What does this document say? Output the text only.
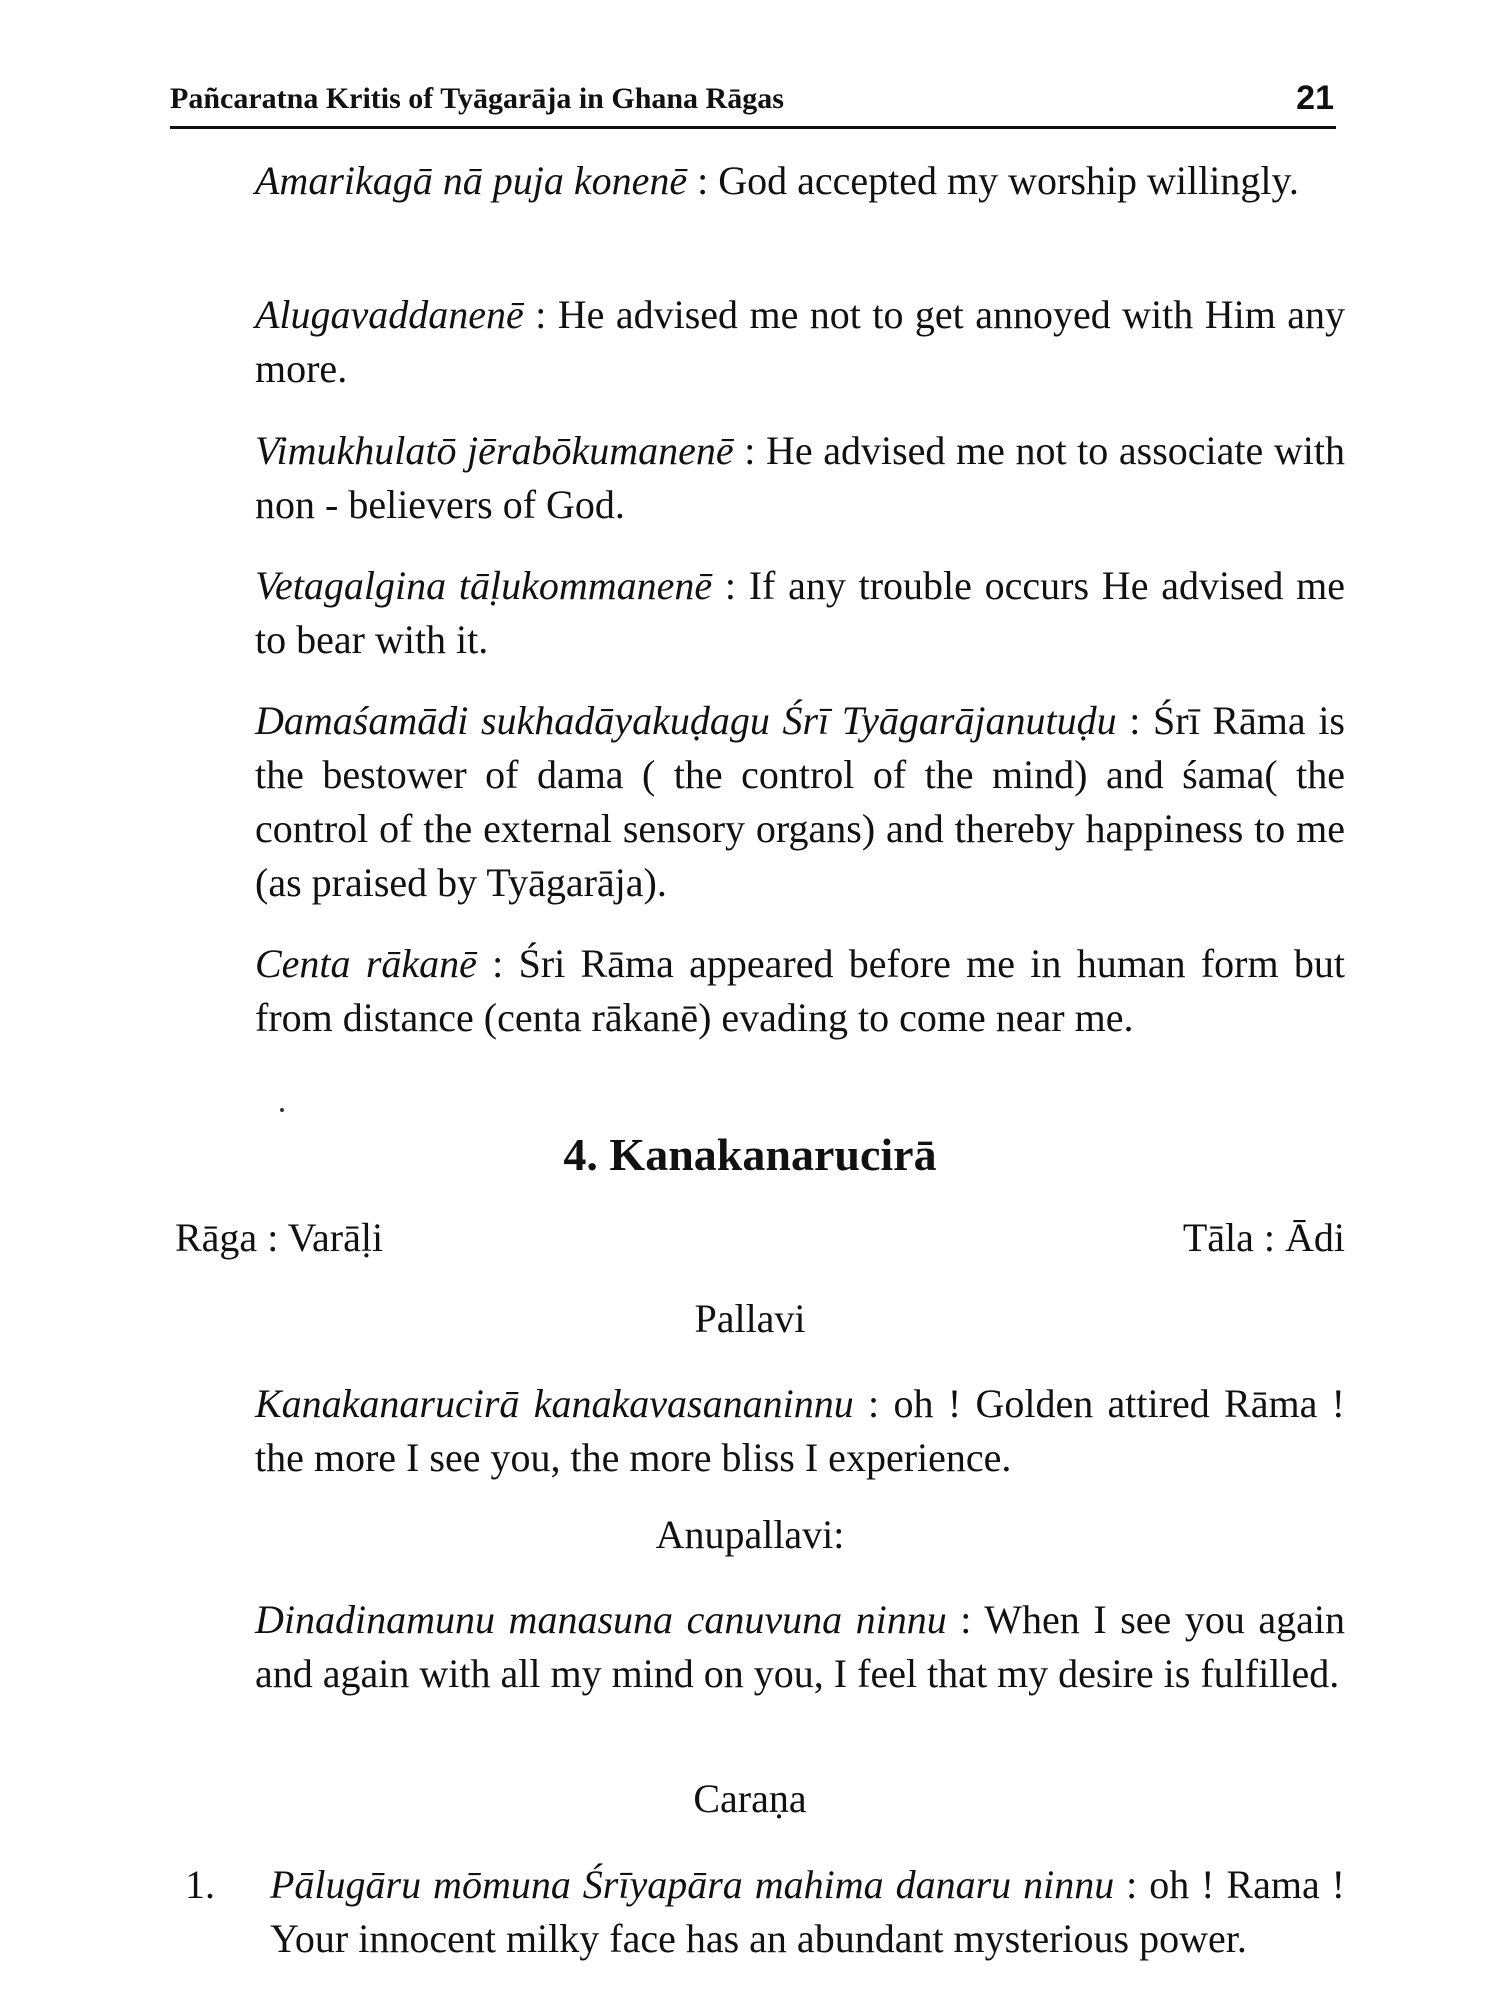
Pañcaratna Kritis of Tyāgarāja in Ghana Rāgas	21

Amarikagā nā puja konenē : God accepted my worship willingly.

Alugavaddanenē : He advised me not to get annoyed with Him any more.

Vimukhulatō jērabōkumanenē : He advised me not to associate with non - believers of God.

Vetagalgina tāḷukommanenē : If any trouble occurs He advised me to bear with it.

Damaśamādi sukhadāyakuḍagu Śrī Tyāgarājanutuḍu : Śrī Rāma is the bestower of dama ( the control of the mind) and śama( the control of the external sensory organs) and thereby happiness to me (as praised by Tyāgarāja).

Centa rākanē : Śri Rāma appeared before me in human form but from distance (centa rākanē) evading to come near me.

4. Kanakanarucirā
Rāga : Varāḷi	Tāla : Ādi
Pallavi

Kanakanarucirā kanakavasananinnu : oh ! Golden attired Rāma ! the more I see you, the more bliss I experience.

Anupallavi:

Dinadinamunu manasuna canuvuna ninnu : When I see you again and again with all my mind on you, I feel that my desire is fulfilled.

Caraṇa
1. Pālugāru mōmuna Śrīyapāra mahima danaru ninnu : oh ! Rama ! Your innocent milky face has an abundant mysterious power.
